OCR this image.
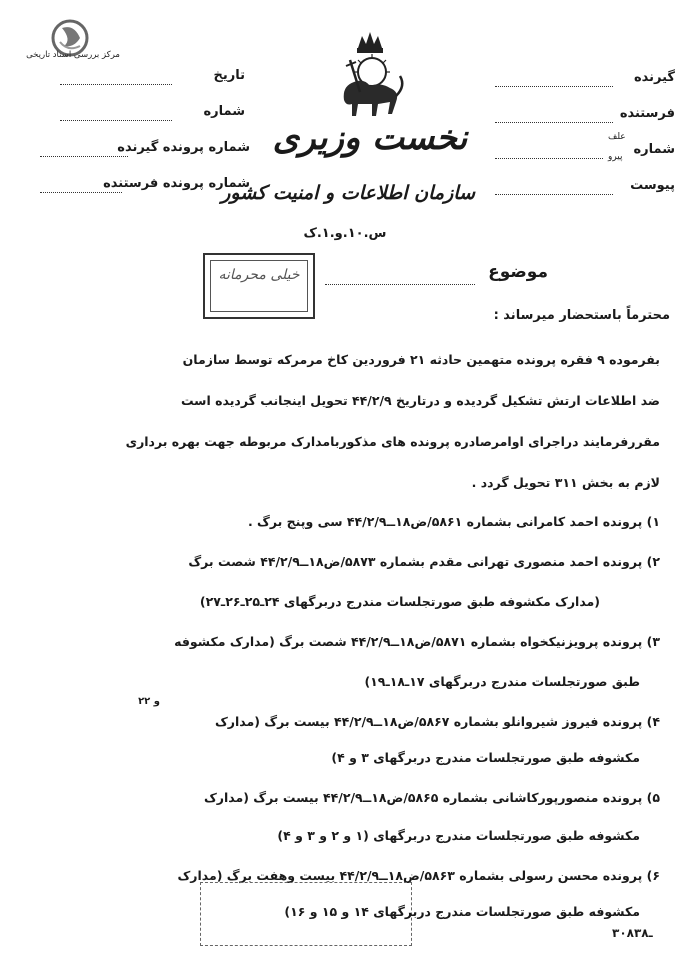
مرکز بررسی اسناد تاریخی
نخست وزیری
سازمان اطلاعات و امنیت کشور
س.۱۰.و.۱.ک
گیرنده
فرستنده
شماره
علف
پیرو
پیوست
تاریخ
شماره
شماره پرونده گیرنده
شماره پرونده فرستنده
موضوع
خیلی محرمانه
محترماً باستحضار میرساند :
بفرموده ۹ فقره پرونده متهمین حادثه ۲۱ فروردین کاخ مرمرکه توسط سازمان
ضد اطلاعات ارتش تشکیل گردیده و درتاریخ ۴۴/۲/۹ تحویل اینجانب گردیده است
مقررفرمایند دراجرای اوامرصادره پرونده های مذکوربامدارک مربوطه جهت بهره برداری
لازم به بخش ۳۱۱ تحویل گردد .
۱) پرونده احمد کامرانی بشماره ۵۸۶۱/ض۱۸ــ۴۴/۲/۹ سی وپنج برگ .
۲) پرونده احمد منصوری تهرانی مقدم بشماره ۵۸۷۳/ض۱۸ــ۴۴/۲/۹ شصت برگ
(مدارک مکشوفه طبق صورتجلسات مندرج دربرگهای ۲۴ـ۲۵ـ۲۶ـ۲۷)
۳) پرونده پرویزنیکخواه بشماره ۵۸۷۱/ض۱۸ــ۴۴/۲/۹ شصت برگ (مدارک مکشوفه
طبق صورتجلسات مندرج دربرگهای ۱۷ـ۱۸ـ۱۹)
و ۲۲
۴) پرونده فیروز شیروانلو بشماره ۵۸۶۷/ض۱۸ــ۴۴/۲/۹ بیست برگ (مدارک
مکشوفه طبق صورتجلسات مندرج دربرگهای ۳ و ۴)
۵) پرونده منصورپورکاشانی بشماره ۵۸۶۵/ض۱۸ــ۴۴/۲/۹ بیست برگ (مدارک
مکشوفه طبق صورتجلسات مندرج دربرگهای (۱ و ۲ و ۳ و ۴)
۶) پرونده محسن رسولی بشماره ۵۸۶۳/ض۱۸ــ۴۴/۲/۹ بیست وهفت برگ (مدارک
مکشوفه طبق صورتجلسات مندرج دربرگهای ۱۴ و ۱۵ و ۱۶)
۳۰۸ـ۳۸
